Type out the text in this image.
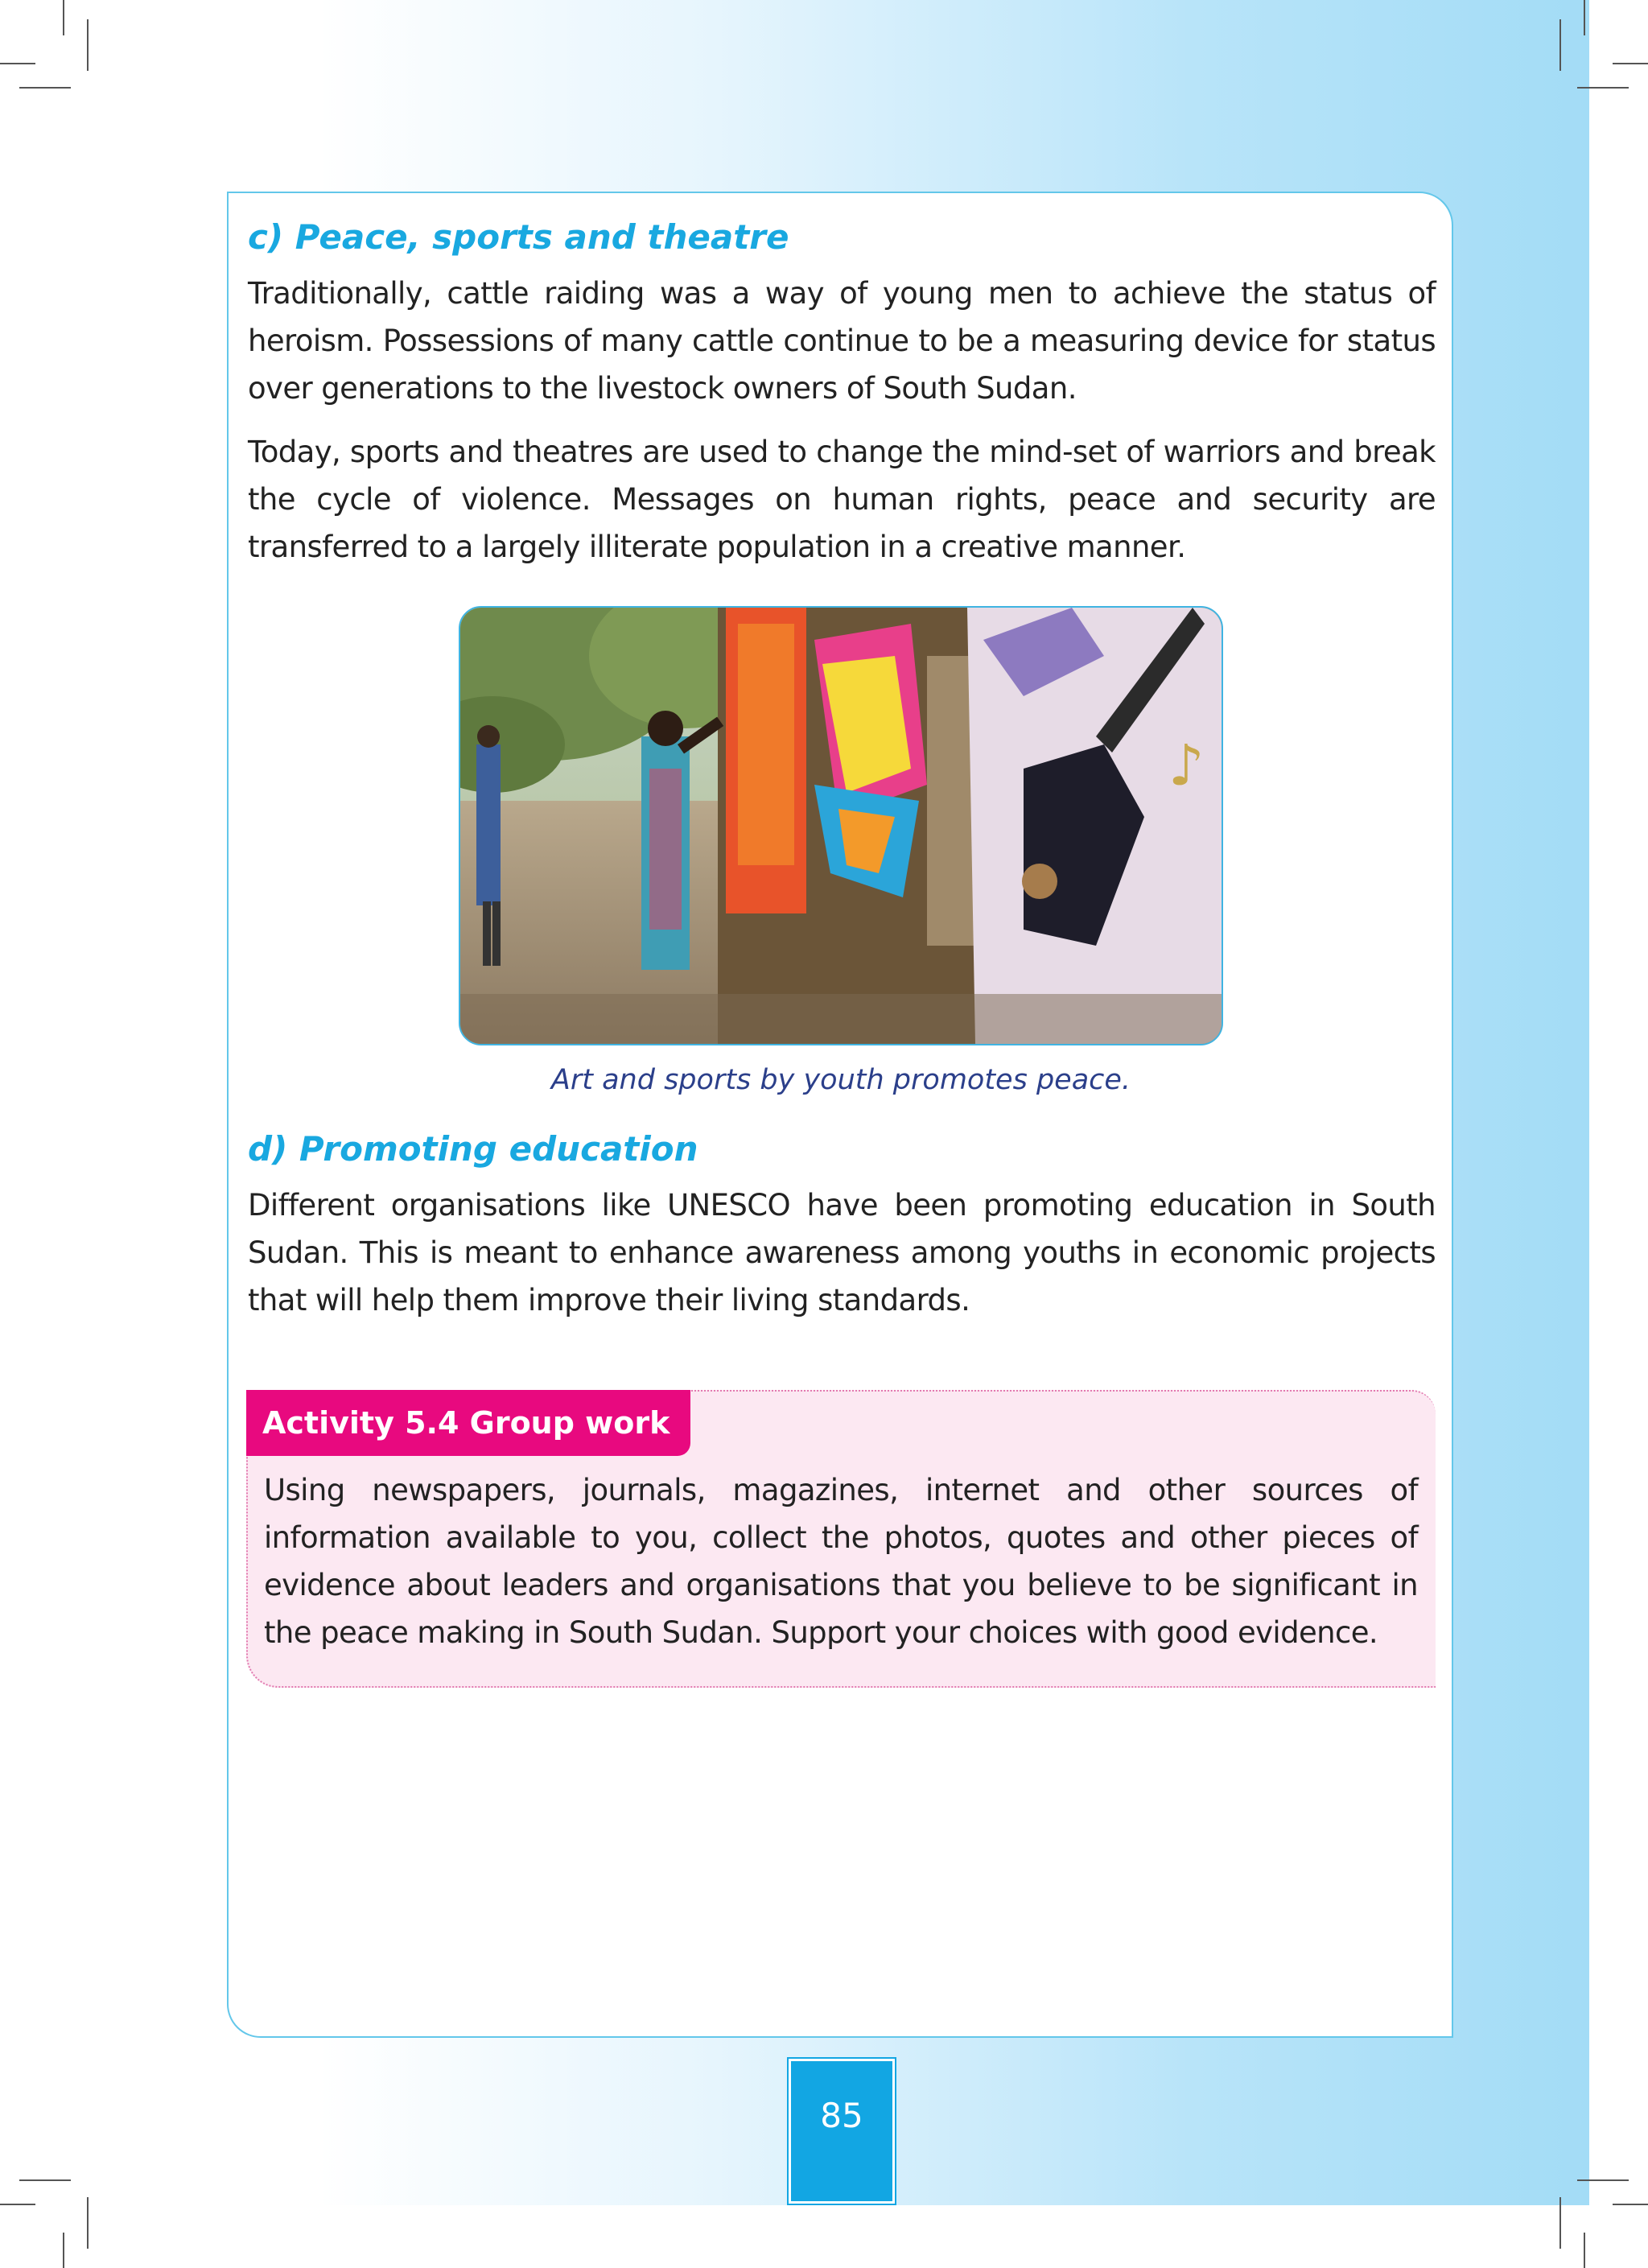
c) Peace, sports and theatre

Traditionally, cattle raiding was a way of young men to achieve the status of heroism. Possessions of many cattle continue to be a measuring device for status over generations to the livestock owners of South Sudan.

Today, sports and theatres are used to change the mind-set of warriors and break the cycle of violence. Messages on human rights, peace and security are transferred to a largely illiterate population in a creative manner.

♪

Art and sports by youth promotes peace.

d) Promoting education

Different organisations like UNESCO have been promoting education in South Sudan. This is meant to enhance awareness among youths in economic projects that will help them improve their living standards.

Activity 5.4 Group work

Using newspapers, journals, magazines, internet and other sources of information available to you, collect the photos, quotes and other pieces of evidence about leaders and organisations that you believe to be significant in the peace making in South Sudan. Support your choices with good evidence.

85
